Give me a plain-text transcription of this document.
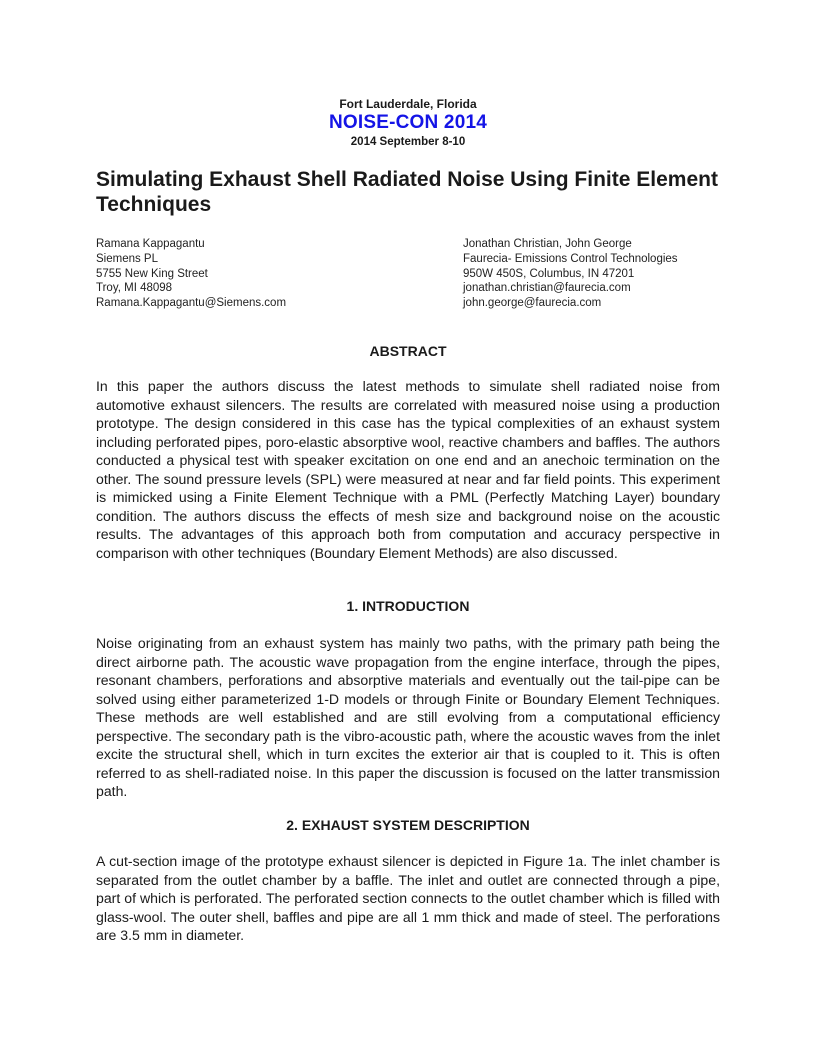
Fort Lauderdale, Florida
NOISE-CON 2014
2014 September 8-10
Simulating Exhaust Shell Radiated Noise Using Finite Element Techniques
Ramana Kappagantu
Siemens PL
5755 New King Street
Troy, MI 48098
Ramana.Kappagantu@Siemens.com
Jonathan Christian, John George
Faurecia- Emissions Control Technologies
950W 450S, Columbus, IN 47201
jonathan.christian@faurecia.com
john.george@faurecia.com
ABSTRACT

In this paper the authors discuss the latest methods to simulate shell radiated noise from automotive exhaust silencers. The results are correlated with measured noise using a production prototype. The design considered in this case has the typical complexities of an exhaust system including perforated pipes, poro-elastic absorptive wool, reactive chambers and baffles. The authors conducted a physical test with speaker excitation on one end and an anechoic termination on the other. The sound pressure levels (SPL) were measured at near and far field points. This experiment is mimicked using a Finite Element Technique with a PML (Perfectly Matching Layer) boundary condition. The authors discuss the effects of mesh size and background noise on the acoustic results. The advantages of this approach both from computation and accuracy perspective in comparison with other techniques (Boundary Element Methods) are also discussed.

1. INTRODUCTION

Noise originating from an exhaust system has mainly two paths, with the primary path being the direct airborne path. The acoustic wave propagation from the engine interface, through the pipes, resonant chambers, perforations and absorptive materials and eventually out the tail-pipe can be solved using either parameterized 1-D models or through Finite or Boundary Element Techniques. These methods are well established and are still evolving from a computational efficiency perspective. The secondary path is the vibro-acoustic path, where the acoustic waves from the inlet excite the structural shell, which in turn excites the exterior air that is coupled to it. This is often referred to as shell-radiated noise. In this paper the discussion is focused on the latter transmission path.

2. EXHAUST SYSTEM DESCRIPTION

A cut-section image of the prototype exhaust silencer is depicted in Figure 1a. The inlet chamber is separated from the outlet chamber by a baffle. The inlet and outlet are connected through a pipe, part of which is perforated. The perforated section connects to the outlet chamber which is filled with glass-wool. The outer shell, baffles and pipe are all 1 mm thick and made of steel. The perforations are 3.5 mm in diameter.
